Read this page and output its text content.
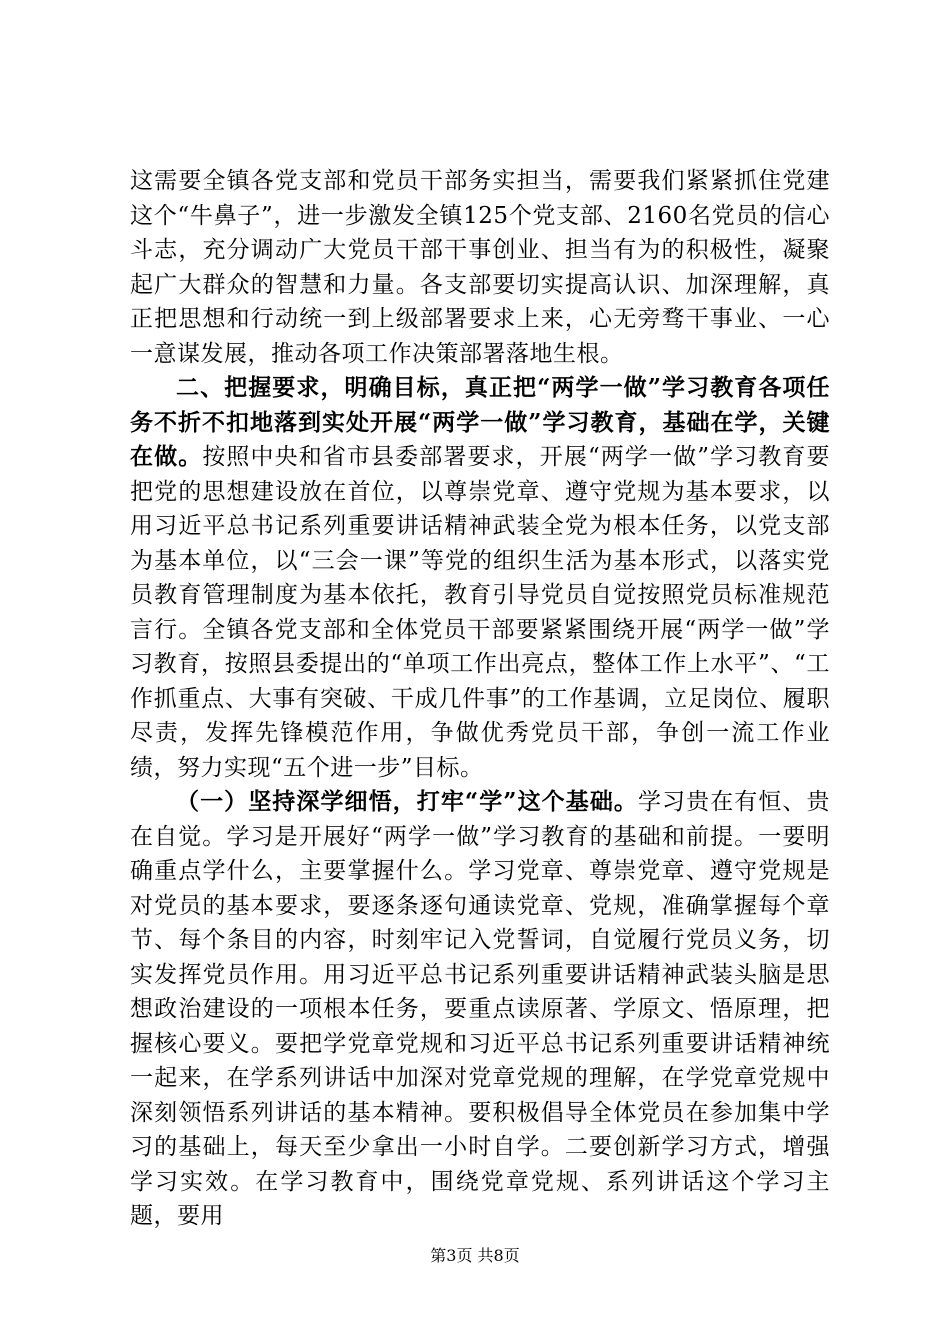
这需要全镇各党支部和党员干部务实担当，需要我们紧紧抓住党建这个“牛鼻子”，进一步激发全镇125个党支部、2160名党员的信心斗志，充分调动广大党员干部干事创业、担当有为的积极性，凝聚起广大群众的智慧和力量。各支部要切实提高认识、加深理解，真正把思想和行动统一到上级部署要求上来，心无旁骛干事业、一心一意谋发展，推动各项工作决策部署落地生根。

二、把握要求，明确目标，真正把“两学一做”学习教育各项任务不折不扣地落到实处开展“两学一做”学习教育，基础在学，关键在做。按照中央和省市县委部署要求，开展“两学一做”学习教育要把党的思想建设放在首位，以尊崇党章、遵守党规为基本要求，以用习近平总书记系列重要讲话精神武装全党为根本任务，以党支部为基本单位，以“三会一课”等党的组织生活为基本形式，以落实党员教育管理制度为基本依托，教育引导党员自觉按照党员标准规范言行。全镇各党支部和全体党员干部要紧紧围绕开展“两学一做”学习教育，按照县委提出的“单项工作出亮点，整体工作上水平”、“工作抓重点、大事有突破、干成几件事”的工作基调，立足岗位、履职尽责，发挥先锋模范作用，争做优秀党员干部，争创一流工作业绩，努力实现“五个进一步”目标。

（一）坚持深学细悟，打牢“学”这个基础。学习贵在有恒、贵在自觉。学习是开展好“两学一做”学习教育的基础和前提。一要明确重点学什么，主要掌握什么。学习党章、尊崇党章、遵守党规是对党员的基本要求，要逐条逐句通读党章、党规，准确掌握每个章节、每个条目的内容，时刻牢记入党誓词，自觉履行党员义务，切实发挥党员作用。用习近平总书记系列重要讲话精神武装头脑是思想政治建设的一项根本任务，要重点读原著、学原文、悟原理，把握核心要义。要把学党章党规和习近平总书记系列重要讲话精神统一起来，在学系列讲话中加深对党章党规的理解，在学党章党规中深刻领悟系列讲话的基本精神。要积极倡导全体党员在参加集中学习的基础上，每天至少拿出一小时自学。二要创新学习方式，增强学习实效。在学习教育中，围绕党章党规、系列讲话这个学习主题，要用

第3页 共8页
